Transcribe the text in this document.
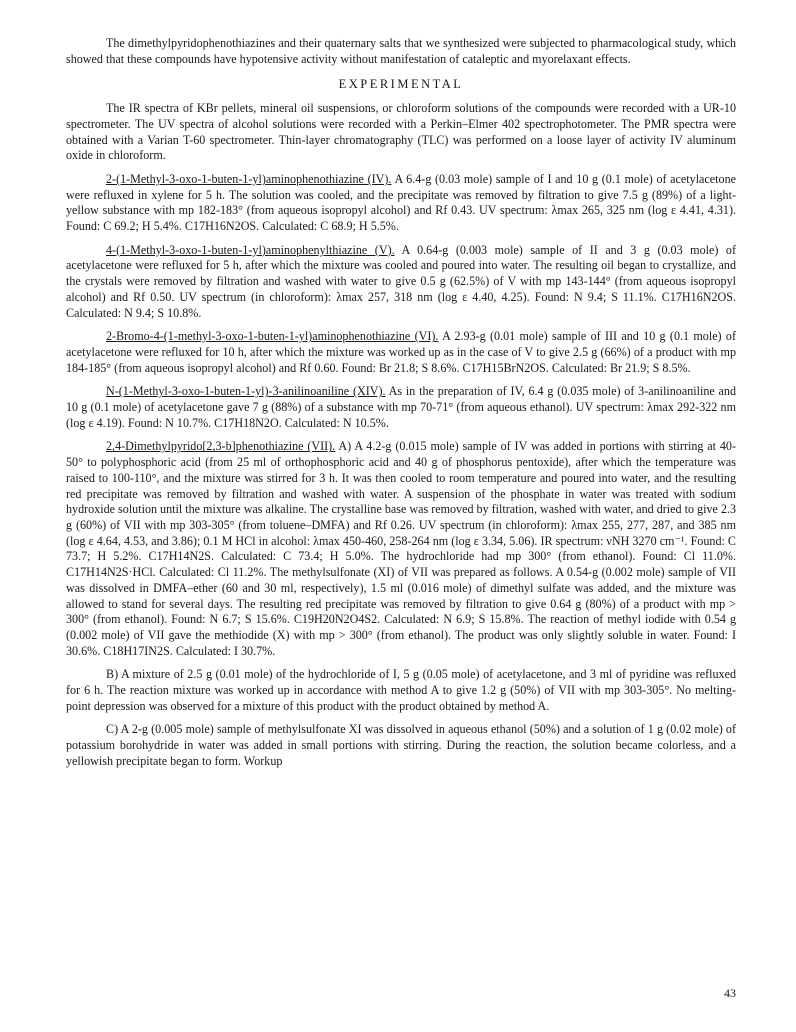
The dimethylpyridophenothiazines and their quaternary salts that we synthesized were subjected to pharmacological study, which showed that these compounds have hypotensive activity without manifestation of cataleptic and myorelaxant effects.

EXPERIMENTAL

The IR spectra of KBr pellets, mineral oil suspensions, or chloroform solutions of the compounds were recorded with a UR-10 spectrometer. The UV spectra of alcohol solutions were recorded with a Perkin–Elmer 402 spectrophotometer. The PMR spectra were obtained with a Varian T-60 spectrometer. Thin-layer chromatography (TLC) was performed on a loose layer of activity IV aluminum oxide in chloroform.

2-(1-Methyl-3-oxo-1-buten-1-yl)aminophenothiazine (IV). A 6.4-g (0.03 mole) sample of I and 10 g (0.1 mole) of acetylacetone were refluxed in xylene for 5 h. The solution was cooled, and the precipitate was removed by filtration to give 7.5 g (89%) of a light-yellow substance with mp 182-183° (from aqueous isopropyl alcohol) and Rf 0.43. UV spectrum: λmax 265, 325 nm (log ε 4.41, 4.31). Found: C 69.2; H 5.4%. C17H16N2OS. Calculated: C 68.9; H 5.5%.

4-(1-Methyl-3-oxo-1-buten-1-yl)aminophenylthiazine (V). A 0.64-g (0.003 mole) sample of II and 3 g (0.03 mole) of acetylacetone were refluxed for 5 h, after which the mixture was cooled and poured into water. The resulting oil began to crystallize, and the crystals were removed by filtration and washed with water to give 0.5 g (62.5%) of V with mp 143-144° (from aqueous isopropyl alcohol) and Rf 0.50. UV spectrum (in chloroform): λmax 257, 318 nm (log ε 4.40, 4.25). Found: N 9.4; S 11.1%. C17H16N2OS. Calculated: N 9.4; S 10.8%.

2-Bromo-4-(1-methyl-3-oxo-1-buten-1-yl)aminophenothiazine (VI). A 2.93-g (0.01 mole) sample of III and 10 g (0.1 mole) of acetylacetone were refluxed for 10 h, after which the mixture was worked up as in the case of V to give 2.5 g (66%) of a product with mp 184-185° (from aqueous isopropyl alcohol) and Rf 0.60. Found: Br 21.8; S 8.6%. C17H15BrN2OS. Calculated: Br 21.9; S 8.5%.

N-(1-Methyl-3-oxo-1-buten-1-yl)-3-anilinoaniline (XIV). As in the preparation of IV, 6.4 g (0.035 mole) of 3-anilinoaniline and 10 g (0.1 mole) of acetylacetone gave 7 g (88%) of a substance with mp 70-71° (from aqueous ethanol). UV spectrum: λmax 292-322 nm (log ε 4.19). Found: N 10.7%. C17H18N2O. Calculated: N 10.5%.

2,4-Dimethylpyrido[2,3-b]phenothiazine (VII). A) A 4.2-g (0.015 mole) sample of IV was added in portions with stirring at 40-50° to polyphosphoric acid (from 25 ml of orthophosphoric acid and 40 g of phosphorus pentoxide), after which the temperature was raised to 100-110°, and the mixture was stirred for 3 h. It was then cooled to room temperature and poured into water, and the resulting red precipitate was removed by filtration and washed with water. A suspension of the phosphate in water was treated with sodium hydroxide solution until the mixture was alkaline. The crystalline base was removed by filtration, washed with water, and dried to give 2.3 g (60%) of VII with mp 303-305° (from toluene–DMFA) and Rf 0.26. UV spectrum (in chloroform): λmax 255, 277, 287, and 385 nm (log ε 4.64, 4.53, and 3.86); 0.1 M HCl in alcohol: λmax 450-460, 258-264 nm (log ε 3.34, 5.06). IR spectrum: νNH 3270 cm⁻¹. Found: C 73.7; H 5.2%. C17H14N2S. Calculated: C 73.4; H 5.0%. The hydrochloride had mp 300° (from ethanol). Found: Cl 11.0%. C17H14N2S·HCl. Calculated: Cl 11.2%. The methylsulfonate (XI) of VII was prepared as follows. A 0.54-g (0.002 mole) sample of VII was dissolved in DMFA–ether (60 and 30 ml, respectively), 1.5 ml (0.016 mole) of dimethyl sulfate was added, and the mixture was allowed to stand for several days. The resulting red precipitate was removed by filtration to give 0.64 g (80%) of a product with mp > 300° (from ethanol). Found: N 6.7; S 15.6%. C19H20N2O4S2. Calculated: N 6.9; S 15.8%. The reaction of methyl iodide with 0.54 g (0.002 mole) of VII gave the methiodide (X) with mp > 300° (from ethanol). The product was only slightly soluble in water. Found: I 30.6%. C18H17IN2S. Calculated: I 30.7%.

B) A mixture of 2.5 g (0.01 mole) of the hydrochloride of I, 5 g (0.05 mole) of acetylacetone, and 3 ml of pyridine was refluxed for 6 h. The reaction mixture was worked up in accordance with method A to give 1.2 g (50%) of VII with mp 303-305°. No melting-point depression was observed for a mixture of this product with the product obtained by method A.

C) A 2-g (0.005 mole) sample of methylsulfonate XI was dissolved in aqueous ethanol (50%) and a solution of 1 g (0.02 mole) of potassium borohydride in water was added in small portions with stirring. During the reaction, the solution became colorless, and a yellowish precipitate began to form. Workup

43
